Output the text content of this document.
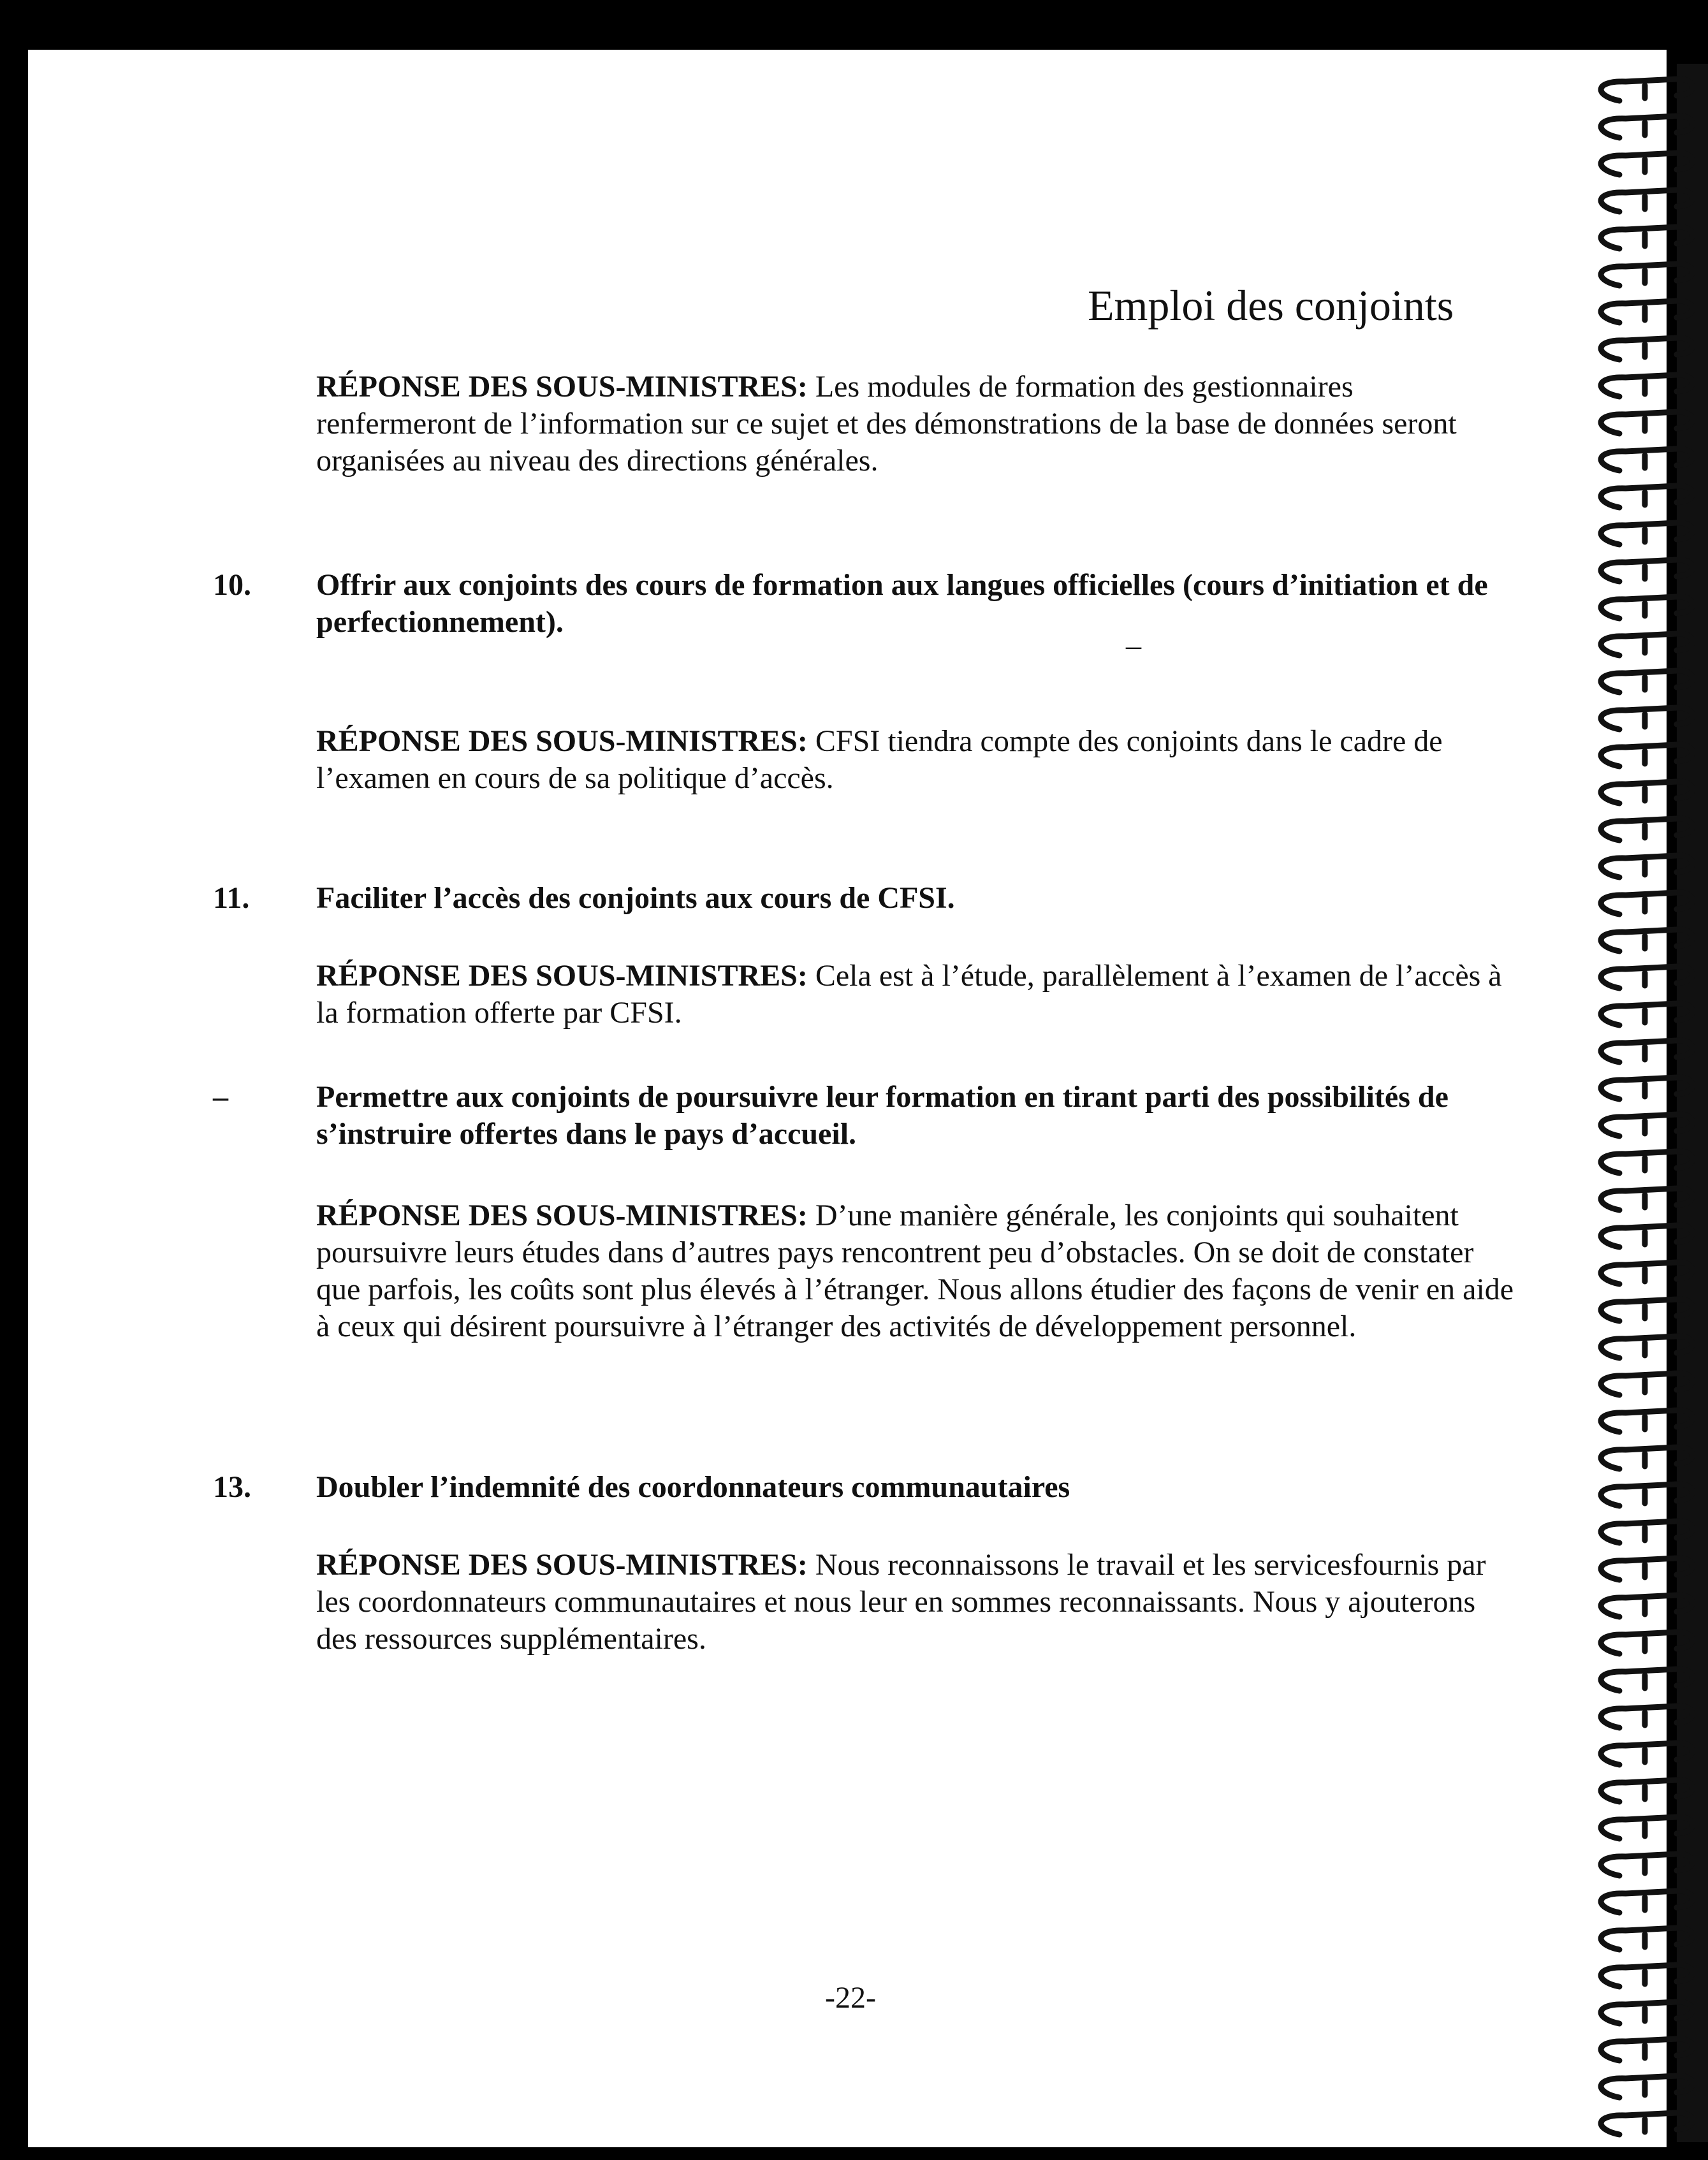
Emploi des conjoints
RÉPONSE DES SOUS-MINISTRES: Les modules de formation des gestionnaires renfermeront de l’information sur ce sujet et des démonstrations de la base de données seront organisées au niveau des directions générales.
10. Offrir aux conjoints des cours de formation aux langues officielles (cours d’initiation et de perfectionnement).	_
RÉPONSE DES SOUS-MINISTRES: CFSI tiendra compte des conjoints dans le cadre de l’examen en cours de sa politique d’accès.
11. Faciliter l’accès des conjoints aux cours de CFSI.
RÉPONSE DES SOUS-MINISTRES: Cela est à l’étude, parallèlement à l’examen de l’accès à la formation offerte par CFSI.
–	Permettre aux conjoints de poursuivre leur formation en tirant parti des possibilités de s’instruire offertes dans le pays d’accueil.
RÉPONSE DES SOUS-MINISTRES: D’une manière générale, les conjoints qui souhaitent poursuivre leurs études dans d’autres pays rencontrent peu d’obstacles. On se doit de constater que parfois, les coûts sont plus élevés à l’étranger. Nous allons étudier des façons de venir en aide à ceux qui désirent poursuivre à l’étranger des activités de développement personnel.
13. Doubler l’indemnité des coordonnateurs communautaires
RÉPONSE DES SOUS-MINISTRES: Nous reconnaissons le travail et les servicesfournis par les coordonnateurs communautaires et nous leur en sommes reconnaissants. Nous y ajouterons des ressources supplémentaires.
-22-
